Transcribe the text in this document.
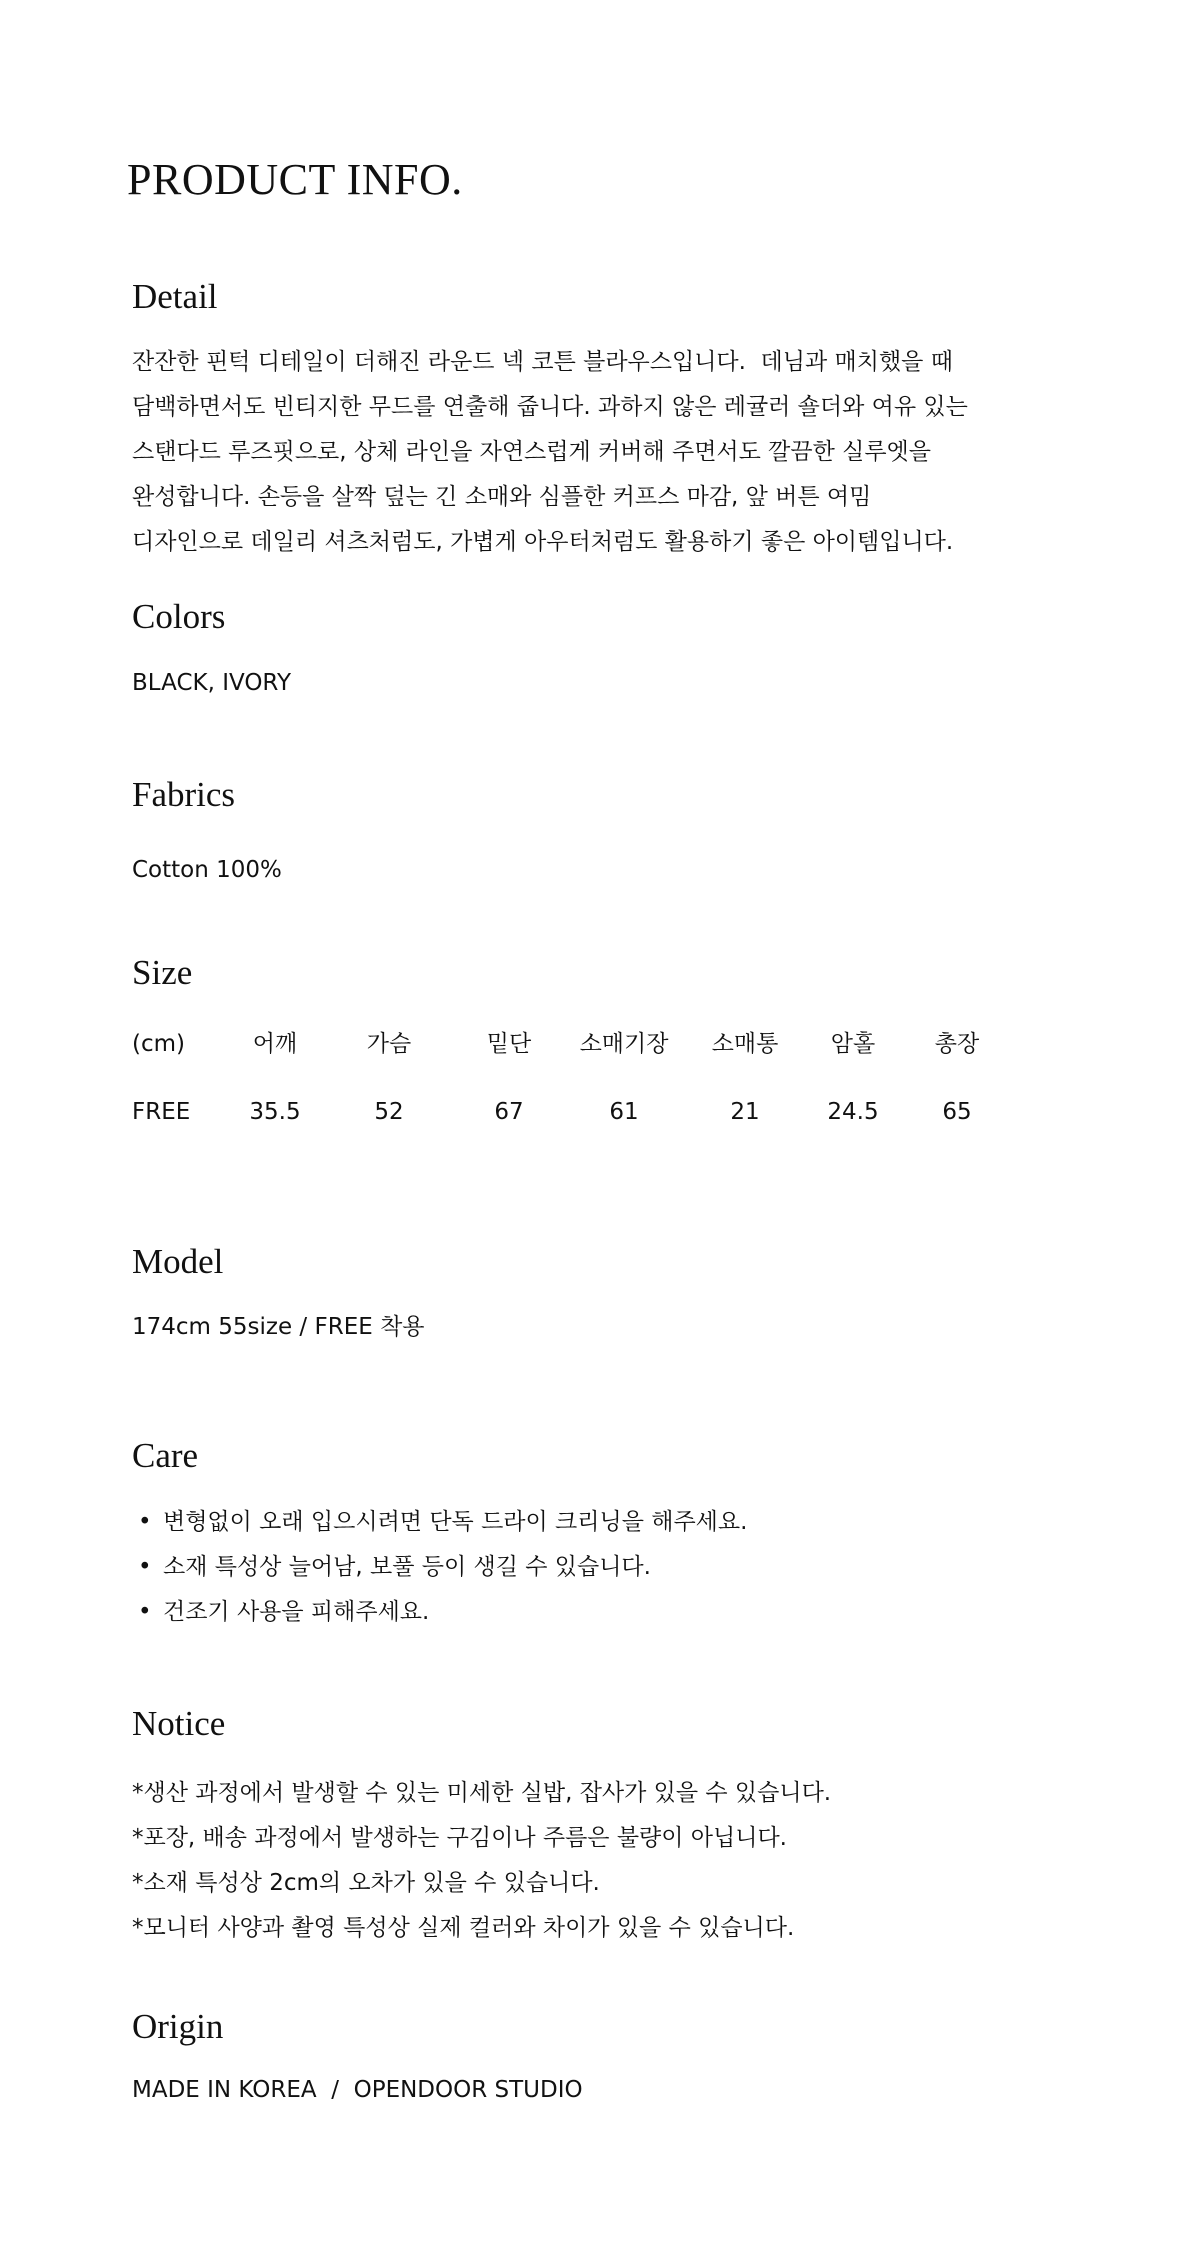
PRODUCT INFO.
Detail
잔잔한 핀턱 디테일이 더해진 라운드 넥 코튼 블라우스입니다.  데님과 매치했을 때
담백하면서도 빈티지한 무드를 연출해 줍니다. 과하지 않은 레귤러 숄더와 여유 있는
스탠다드 루즈핏으로, 상체 라인을 자연스럽게 커버해 주면서도 깔끔한 실루엣을
완성합니다. 손등을 살짝 덮는 긴 소매와 심플한 커프스 마감, 앞 버튼 여밈
디자인으로 데일리 셔츠처럼도, 가볍게 아우터처럼도 활용하기 좋은 아이템입니다.
Colors

BLACK, IVORY

Fabrics

Cotton 100%

Size
(cm)	어깨	가슴	밑단	소매기장	소매통	암홀	총장
FREE	35.5	52	67	61	21	24.5	65
Model

174cm 55size / FREE 착용

Care
• 변형없이 오래 입으시려면 단독 드라이 크리닝을 해주세요.
• 소재 특성상 늘어남, 보풀 등이 생길 수 있습니다.
• 건조기 사용을 피해주세요.
Notice
*생산 과정에서 발생할 수 있는 미세한 실밥, 잡사가 있을 수 있습니다.
*포장, 배송 과정에서 발생하는 구김이나 주름은 불량이 아닙니다.
*소재 특성상 2cm의 오차가 있을 수 있습니다.
*모니터 사양과 촬영 특성상 실제 컬러와 차이가 있을 수 있습니다.
Origin

MADE IN KOREA  /  OPENDOOR STUDIO
